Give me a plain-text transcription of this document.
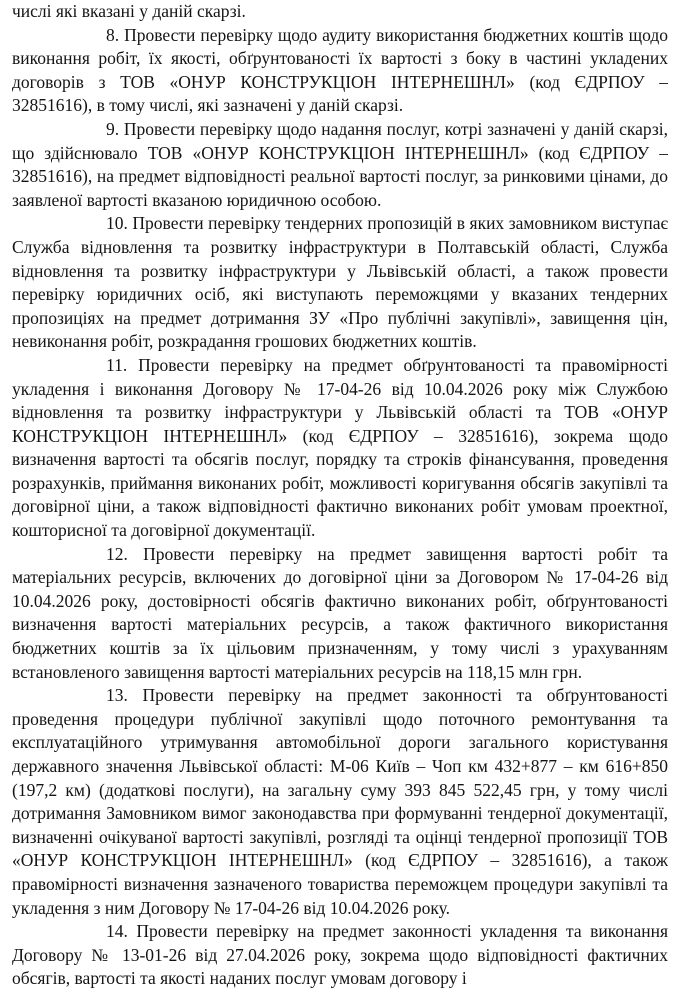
числі які вказані у даній скарзі.

8. Провести перевірку щодо аудиту використання бюджетних коштів щодо виконання робіт, їх якості, обґрунтованості їх вартості з боку в частині укладених договорів з ТОВ «ОНУР КОНСТРУКЦІОН ІНТЕРНЕШНЛ» (код ЄДРПОУ – 32851616), в тому числі, які зазначені у даній скарзі.

9. Провести перевірку щодо надання послуг, котрі зазначені у даній скарзі, що здійснювало ТОВ «ОНУР КОНСТРУКЦІОН ІНТЕРНЕШНЛ» (код ЄДРПОУ – 32851616), на предмет відповідності реальної вартості послуг, за ринковими цінами, до заявленої вартості вказаною юридичною особою.

10. Провести перевірку тендерних пропозицій в яких замовником виступає Служба відновлення та розвитку інфраструктури в Полтавській області, Служба відновлення та розвитку інфраструктури у Львівській області, а також провести перевірку юридичних осіб, які виступають переможцями у вказаних тендерних пропозиціях на предмет дотримання ЗУ «Про публічні закупівлі», завищення цін, невиконання робіт, розкрадання грошових бюджетних коштів.

11. Провести перевірку на предмет обґрунтованості та правомірності укладення і виконання Договору № 17-04-26 від 10.04.2026 року між Службою відновлення та розвитку інфраструктури у Львівській області та ТОВ «ОНУР КОНСТРУКЦІОН ІНТЕРНЕШНЛ» (код ЄДРПОУ – 32851616), зокрема щодо визначення вартості та обсягів послуг, порядку та строків фінансування, проведення розрахунків, приймання виконаних робіт, можливості коригування обсягів закупівлі та договірної ціни, а також відповідності фактично виконаних робіт умовам проектної, кошторисної та договірної документації.

12. Провести перевірку на предмет завищення вартості робіт та матеріальних ресурсів, включених до договірної ціни за Договором № 17-04-26 від 10.04.2026 року, достовірності обсягів фактично виконаних робіт, обґрунтованості визначення вартості матеріальних ресурсів, а також фактичного використання бюджетних коштів за їх цільовим призначенням, у тому числі з урахуванням встановленого завищення вартості матеріальних ресурсів на 118,15 млн грн.

13. Провести перевірку на предмет законності та обґрунтованості проведення процедури публічної закупівлі щодо поточного ремонтування та експлуатаційного утримування автомобільної дороги загального користування державного значення Львівської області: М-06 Київ – Чоп км 432+877 – км 616+850 (197,2 км) (додаткові послуги), на загальну суму 393 845 522,45 грн, у тому числі дотримання Замовником вимог законодавства при формуванні тендерної документації, визначенні очікуваної вартості закупівлі, розгляді та оцінці тендерної пропозиції ТОВ «ОНУР КОНСТРУКЦІОН ІНТЕРНЕШНЛ» (код ЄДРПОУ – 32851616), а також правомірності визначення зазначеного товариства переможцем процедури закупівлі та укладення з ним Договору № 17-04-26 від 10.04.2026 року.

14. Провести перевірку на предмет законності укладення та виконання Договору № 13-01-26 від 27.04.2026 року, зокрема щодо відповідності фактичних обсягів, вартості та якості наданих послуг умовам договору і
